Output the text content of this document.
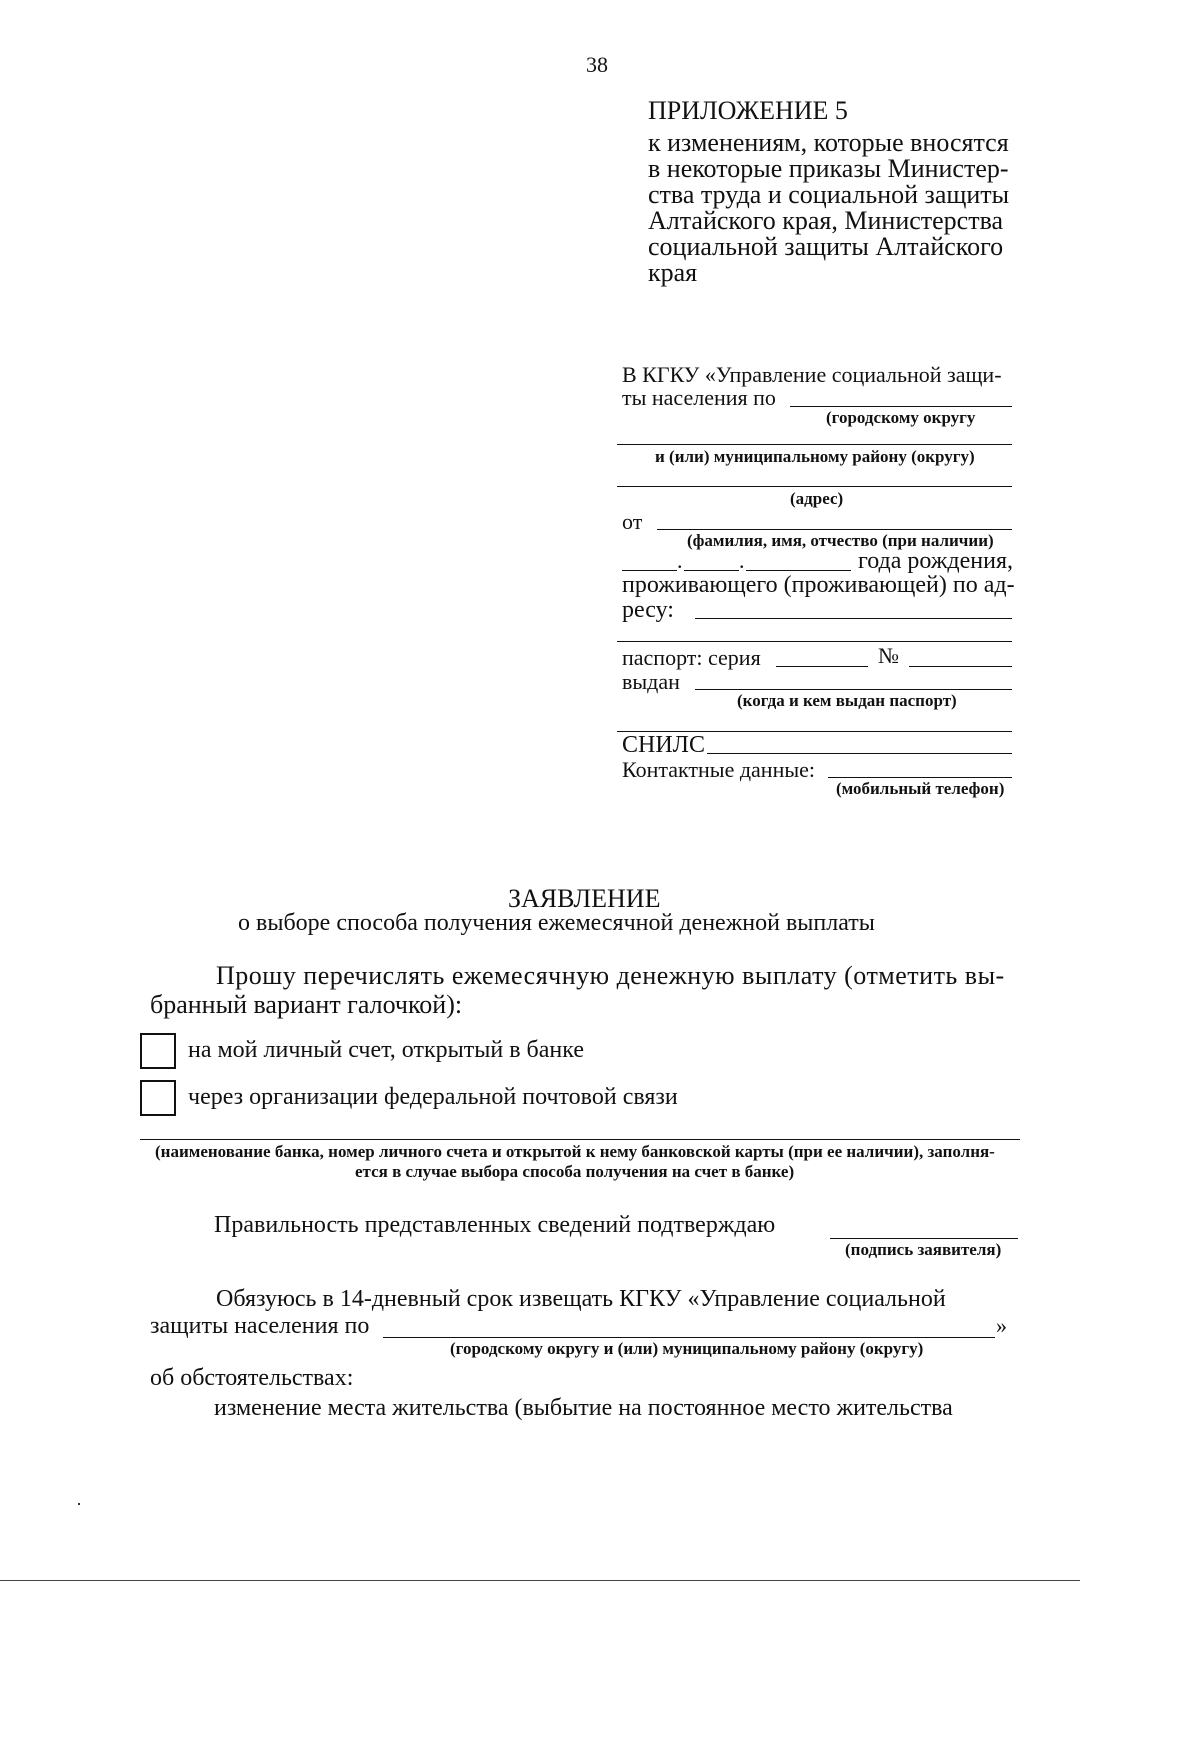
38
ПРИЛОЖЕНИЕ 5
к изменениям, которые вносятся
в некоторые приказы Министер-
ства труда и социальной защиты
Алтайского края, Министерства
социальной защиты Алтайского
края
В КГКУ «Управление социальной защи-
ты населения по
(городскому округу
и (или) муниципальному району (округу)
(адрес)
от
(фамилия, имя, отчество (при наличии)
.	.	года рождения,
проживающего (проживающей) по ад-
ресу:
паспорт: серия	№
выдан
(когда и кем выдан паспорт)
СНИЛС
Контактные данные:
(мобильный телефон)
ЗАЯВЛЕНИЕ
о выборе способа получения ежемесячной денежной выплаты
Прошу перечислять ежемесячную денежную выплату (отметить вы-
бранный вариант галочкой):
на мой личный счет, открытый в банке
через организации федеральной почтовой связи
(наименование банка, номер личного счета и открытой к нему банковской карты (при ее наличии), заполня-
ется в случае выбора способа получения на счет в банке)
Правильность представленных сведений подтверждаю
(подпись заявителя)
Обязуюсь в 14-дневный срок извещать КГКУ «Управление социальной
защиты населения по	»
(городскому округу и (или) муниципальному району (округу)
об обстоятельствах:
изменение места жительства (выбытие на постоянное место жительства
